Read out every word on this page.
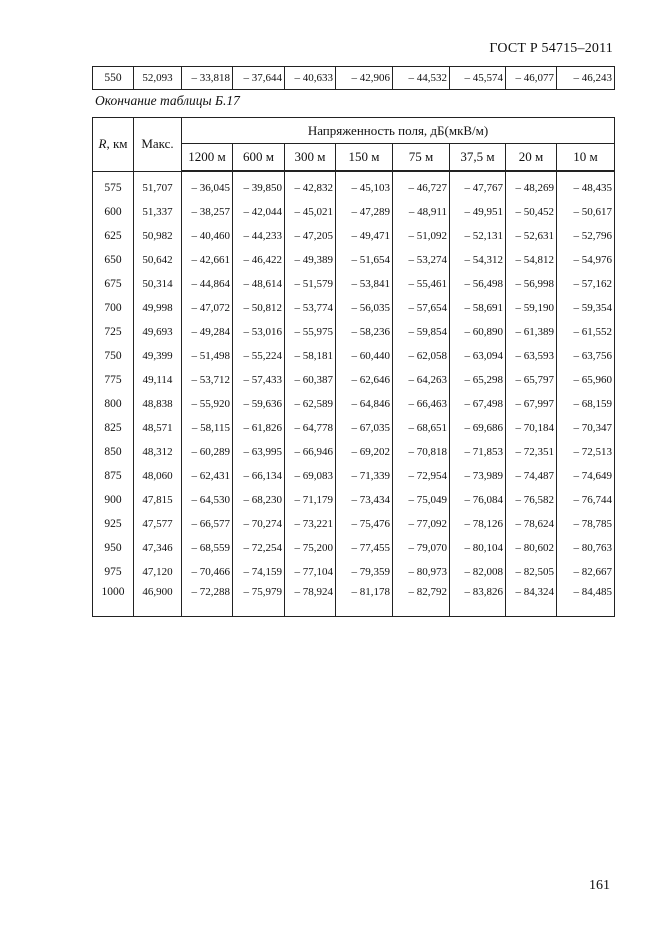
ГОСТ Р 54715–2011
550	52,093	– 33,818	– 37,644	– 40,633	– 42,906	– 44,532	– 45,574	– 46,077	– 46,243
Окончание таблицы Б.17
R, км	Макс.	Напряженность поля, дБ(мкВ/м)							
		1200 м	600 м	300 м	150 м	75 м	37,5 м	20 м	10 м
575	51,707	– 36,045	– 39,850	– 42,832	– 45,103	– 46,727	– 47,767	– 48,269	– 48,435
600	51,337	– 38,257	– 42,044	– 45,021	– 47,289	– 48,911	– 49,951	– 50,452	– 50,617
625	50,982	– 40,460	– 44,233	– 47,205	– 49,471	– 51,092	– 52,131	– 52,631	– 52,796
650	50,642	– 42,661	– 46,422	– 49,389	– 51,654	– 53,274	– 54,312	– 54,812	– 54,976
675	50,314	– 44,864	– 48,614	– 51,579	– 53,841	– 55,461	– 56,498	– 56,998	– 57,162
700	49,998	– 47,072	– 50,812	– 53,774	– 56,035	– 57,654	– 58,691	– 59,190	– 59,354
725	49,693	– 49,284	– 53,016	– 55,975	– 58,236	– 59,854	– 60,890	– 61,389	– 61,552
750	49,399	– 51,498	– 55,224	– 58,181	– 60,440	– 62,058	– 63,094	– 63,593	– 63,756
775	49,114	– 53,712	– 57,433	– 60,387	– 62,646	– 64,263	– 65,298	– 65,797	– 65,960
800	48,838	– 55,920	– 59,636	– 62,589	– 64,846	– 66,463	– 67,498	– 67,997	– 68,159
825	48,571	– 58,115	– 61,826	– 64,778	– 67,035	– 68,651	– 69,686	– 70,184	– 70,347
850	48,312	– 60,289	– 63,995	– 66,946	– 69,202	– 70,818	– 71,853	– 72,351	– 72,513
875	48,060	– 62,431	– 66,134	– 69,083	– 71,339	– 72,954	– 73,989	– 74,487	– 74,649
900	47,815	– 64,530	– 68,230	– 71,179	– 73,434	– 75,049	– 76,084	– 76,582	– 76,744
925	47,577	– 66,577	– 70,274	– 73,221	– 75,476	– 77,092	– 78,126	– 78,624	– 78,785
950	47,346	– 68,559	– 72,254	– 75,200	– 77,455	– 79,070	– 80,104	– 80,602	– 80,763
975	47,120	– 70,466	– 74,159	– 77,104	– 79,359	– 80,973	– 82,008	– 82,505	– 82,667
1000	46,900	– 72,288	– 75,979	– 78,924	– 81,178	– 82,792	– 83,826	– 84,324	– 84,485
161
